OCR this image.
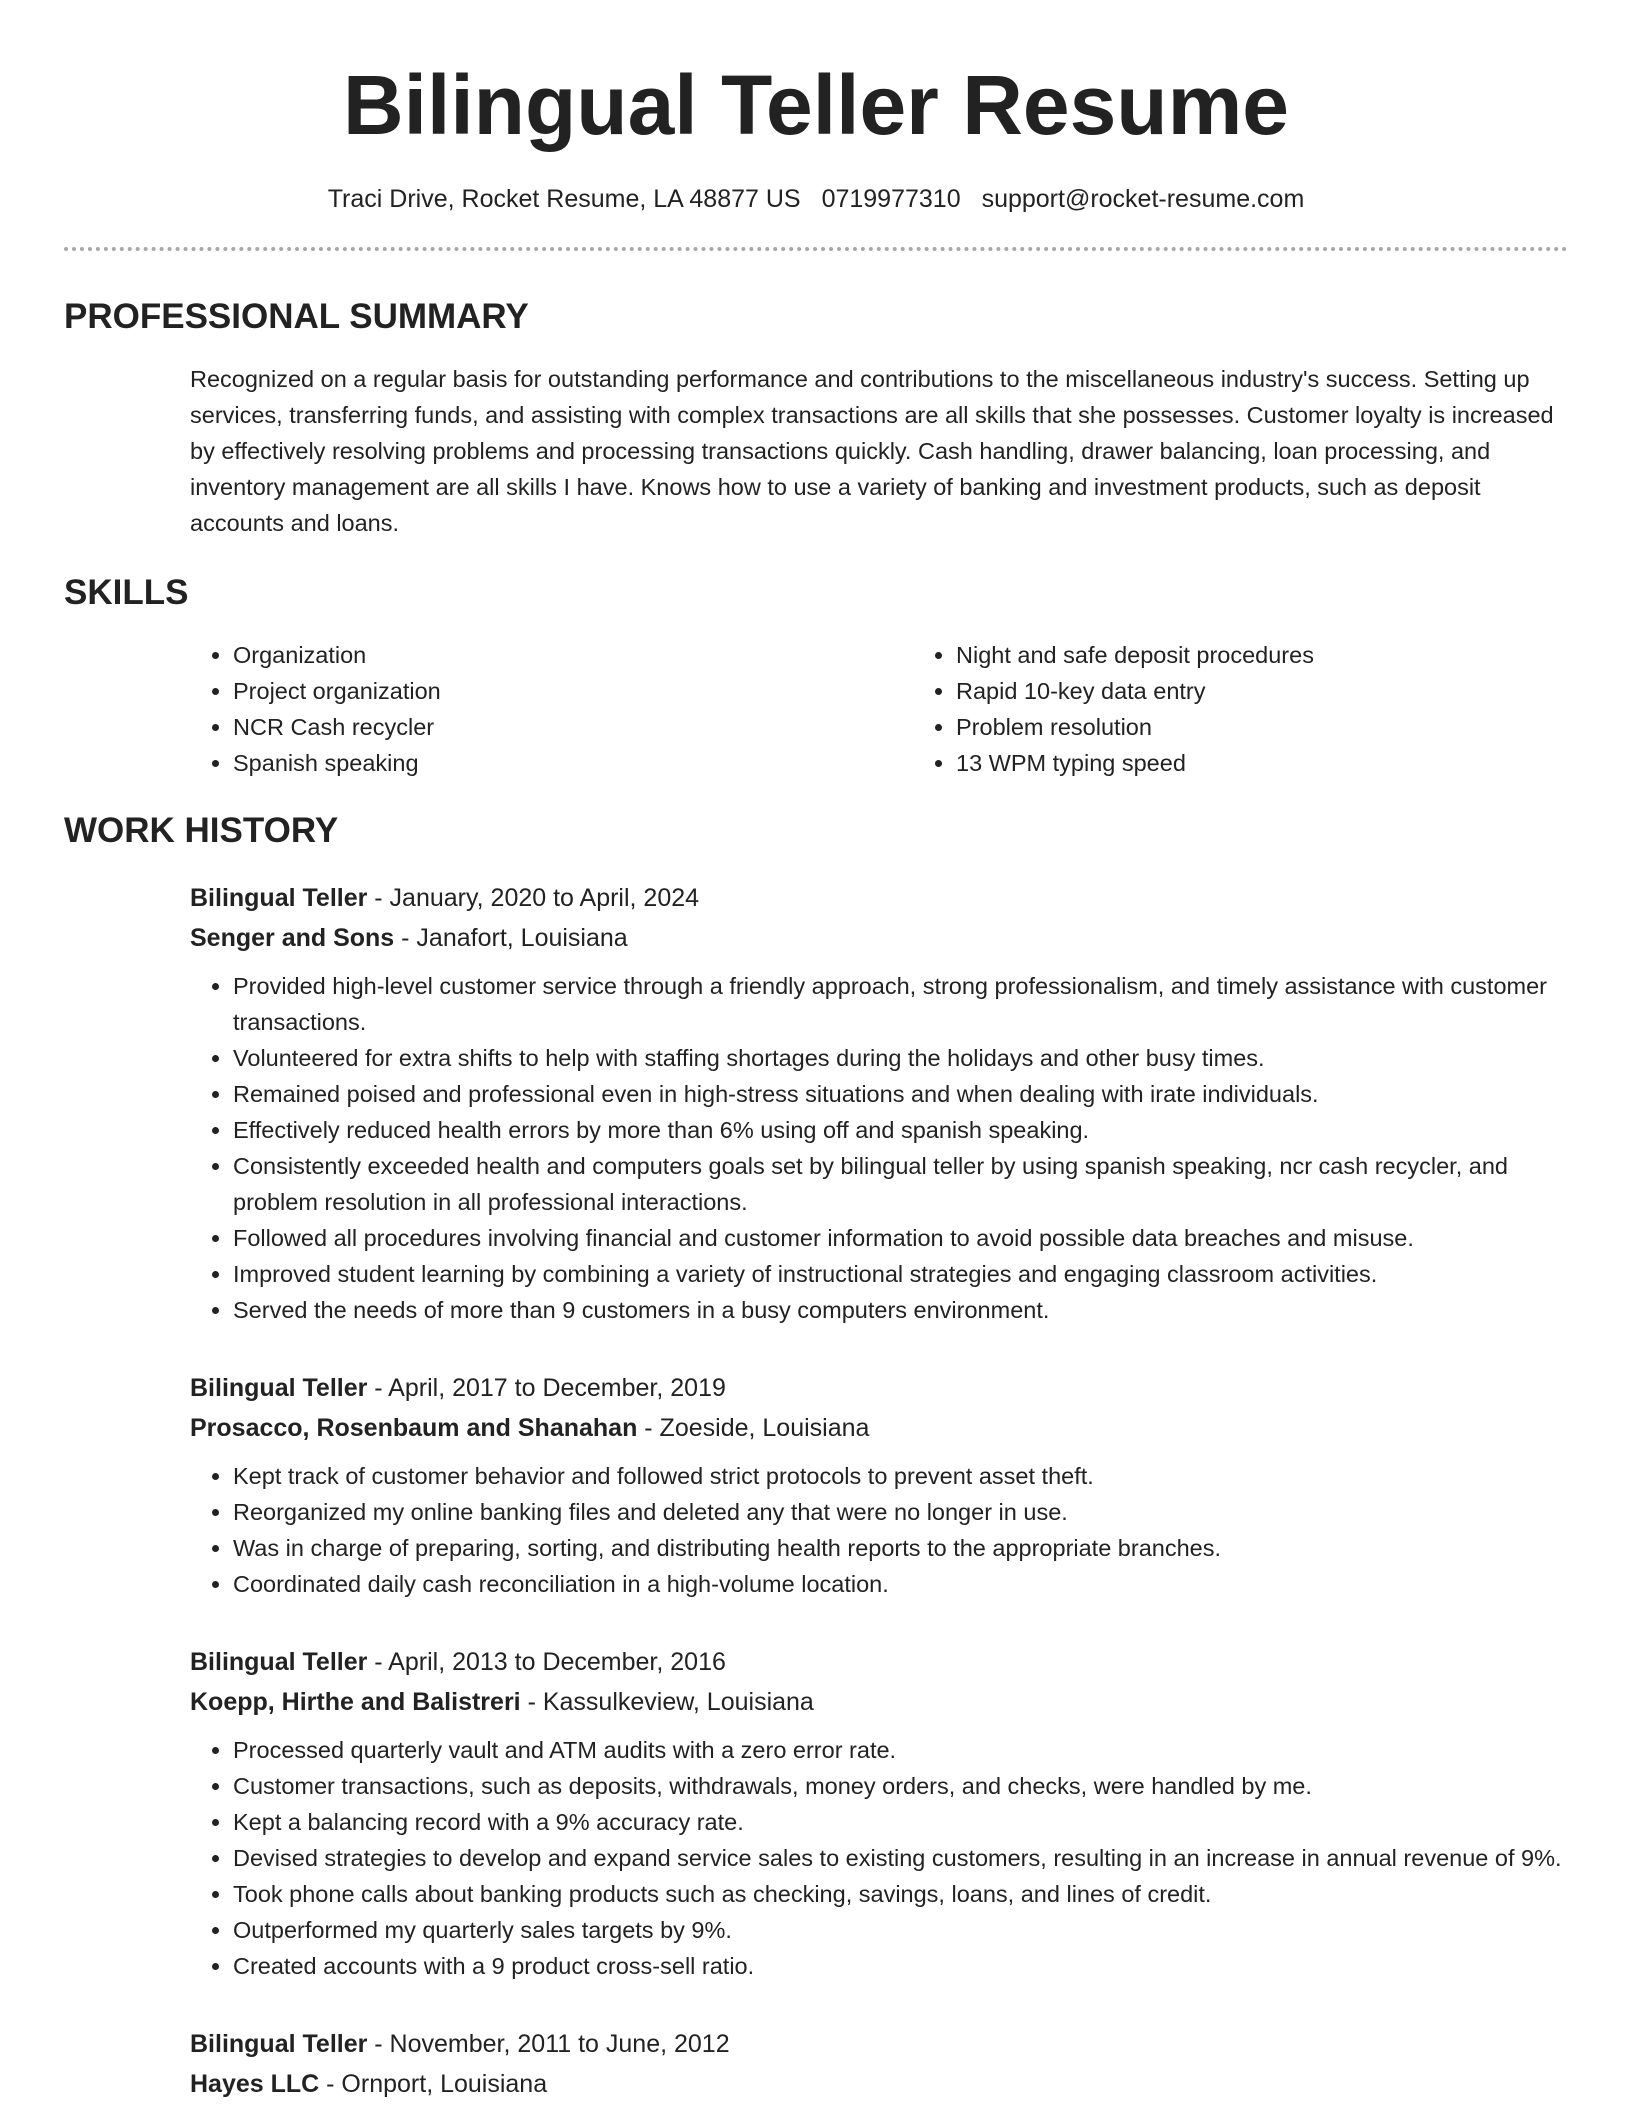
Bilingual Teller Resume
Traci Drive, Rocket Resume, LA 48877 US 0719977310 support@rocket-resume.com
PROFESSIONAL SUMMARY

Recognized on a regular basis for outstanding performance and contributions to the miscellaneous industry's success. Setting up services, transferring funds, and assisting with complex transactions are all skills that she possesses. Customer loyalty is increased by effectively resolving problems and processing transactions quickly. Cash handling, drawer balancing, loan processing, and inventory management are all skills I have. Knows how to use a variety of banking and investment products, such as deposit accounts and loans.

SKILLS
• Organization
• Project organization
• NCR Cash recycler
• Spanish speaking
• Night and safe deposit procedures
• Rapid 10-key data entry
• Problem resolution
• 13 WPM typing speed
WORK HISTORY
Bilingual Teller - January, 2020 to April, 2024
Senger and Sons - Janafort, Louisiana
• Provided high-level customer service through a friendly approach, strong professionalism, and timely assistance with customer transactions.
• Volunteered for extra shifts to help with staffing shortages during the holidays and other busy times.
• Remained poised and professional even in high-stress situations and when dealing with irate individuals.
• Effectively reduced health errors by more than 6% using off and spanish speaking.
• Consistently exceeded health and computers goals set by bilingual teller by using spanish speaking, ncr cash recycler, and problem resolution in all professional interactions.
• Followed all procedures involving financial and customer information to avoid possible data breaches and misuse.
• Improved student learning by combining a variety of instructional strategies and engaging classroom activities.
• Served the needs of more than 9 customers in a busy computers environment.
Bilingual Teller - April, 2017 to December, 2019
Prosacco, Rosenbaum and Shanahan - Zoeside, Louisiana
• Kept track of customer behavior and followed strict protocols to prevent asset theft.
• Reorganized my online banking files and deleted any that were no longer in use.
• Was in charge of preparing, sorting, and distributing health reports to the appropriate branches.
• Coordinated daily cash reconciliation in a high-volume location.
Bilingual Teller - April, 2013 to December, 2016
Koepp, Hirthe and Balistreri - Kassulkeview, Louisiana
• Processed quarterly vault and ATM audits with a zero error rate.
• Customer transactions, such as deposits, withdrawals, money orders, and checks, were handled by me.
• Kept a balancing record with a 9% accuracy rate.
• Devised strategies to develop and expand service sales to existing customers, resulting in an increase in annual revenue of 9%.
• Took phone calls about banking products such as checking, savings, loans, and lines of credit.
• Outperformed my quarterly sales targets by 9%.
• Created accounts with a 9 product cross-sell ratio.
Bilingual Teller - November, 2011 to June, 2012
Hayes LLC - Ornport, Louisiana
